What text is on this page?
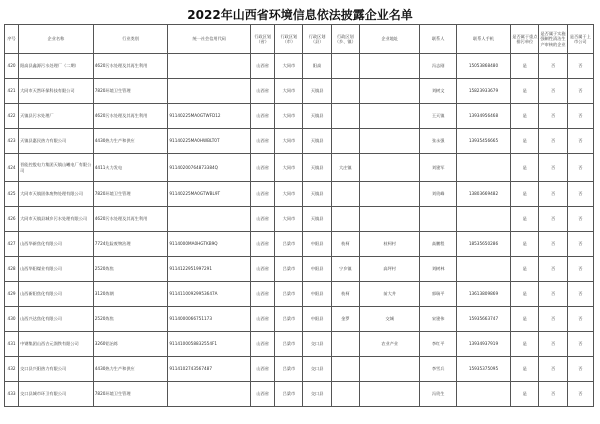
2022年山西省环境信息依法披露企业名单
序号	企业名称	行业类别	统一社会信用代码	行政区划（省）	行政区划（市）	行政区划（县）	行政区划（乡、镇）	企业地址	联系人	联系人手机	是否属于重点排污单位	是否属于实施强制性清洁生产审核的企业	是否属于上市公司
420	阳高县鑫源污水处理厂（二期）	4620污水处理及其再生利用		山西省	大同市	阳高			冯志刚	15053868480	是	否	否
421	大同市天然环保科技有限公司	7820环境卫生管理		山西省	大同市	天镇县			刘树文	15823933679	是	否	否
422	天镇县污水处理厂	4620污水处理及其再生利用	91140225MA0GTWFD12	山西省	大同市	天镇县			王天镇	13934956468	是	否	否
423	天镇县惠民热力有限公司	4430热力生产和供应	91140225MA0HWBLT0T	山西省	大同市	天镇县			张永强	13935456665	是	否	否
424	晋能控股电力集团天镇山曦电厂有限公司	4411火力发电	91140200764873384Q	山西省	大同市	天镇县	大庄镇		刘建军		是	否	否
425	大同市天镇固体废物处理有限公司	7820环境卫生管理	91140225MA0GTWBL9T	山西省	大同市	天镇县			刘贵峰	13803669482	是	否	否
426	大同市天镇县城乡污水处理有限公司	4620污水处理及其再生利用		山西省	大同市	天镇县					是	否	否
427	山西华新焦化有限公司	7724危险废物治理	9114000MA0HGTKB9Q	山西省	吕梁市	中阳县	枝柯	枝柯村	高鹏程	18535650286	是	否	否
428	山西华阳煤业有限公司	2520炼焦	9114122951997291	山西省	吕梁市	中阳县	宁乡镇	高坪村	刘树林		是	否	否
429	山西新阳焦化有限公司	3120炼钢	91141100929953647A	山西省	吕梁市	中阳县	枝柯	前大井	郭瑞平	13613809869	是	否	否
430	山西兴达焦化有限公司	2520炼焦	9114000066751173	山西省	吕梁市	中阳县	金罗	交城	宋建伟	15935663747	是	否	否
431	中钢集团山西吉元润铁有限公司	3260铝冶炼	9114100058832554F1	山西省	吕梁市	交口县		农业产业	李红平	13934937919	是	否	否
432	交口县兴阳热力有限公司	4430热力生产和供应	9114102743567487	山西省	吕梁市	交口县			李雪兵	15935375095	是	否	否
433	交口县城市环卫有限公司	7820环境卫生管理		山西省	吕梁市	交口县			冯贵生		是	否	否
